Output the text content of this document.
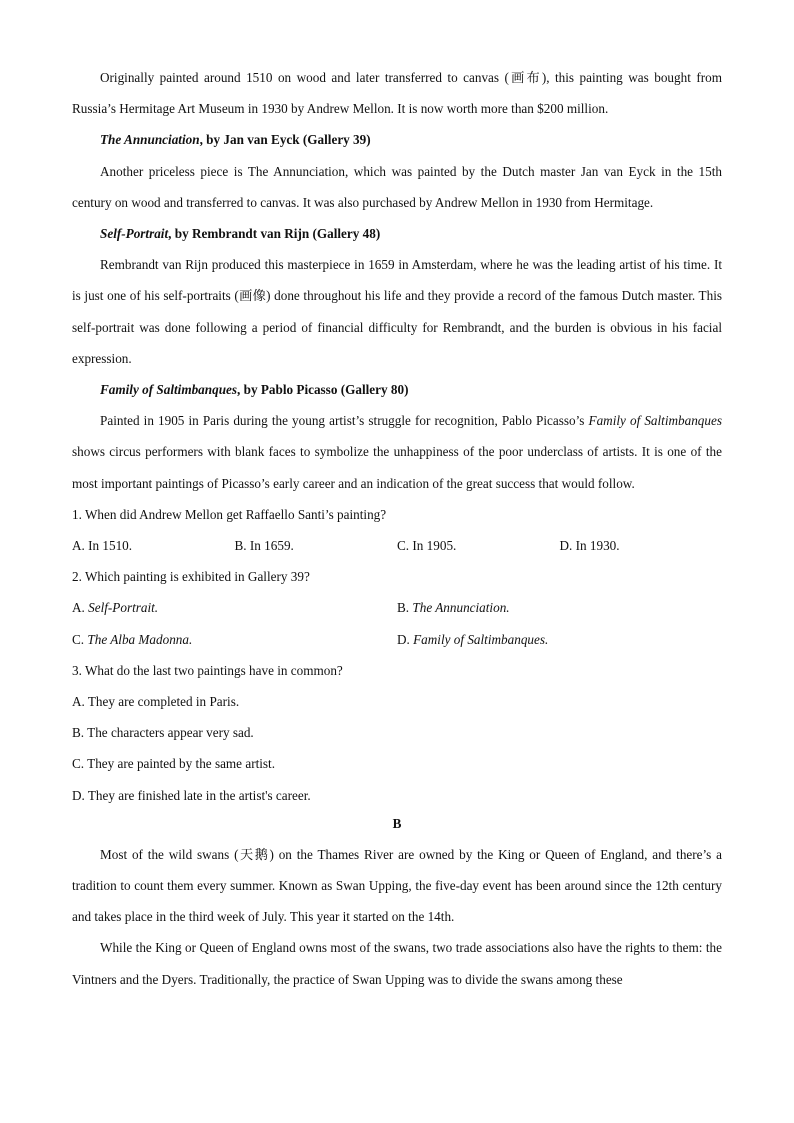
Originally painted around 1510 on wood and later transferred to canvas (画布), this painting was bought from Russia’s Hermitage Art Museum in 1930 by Andrew Mellon. It is now worth more than $200 million.

The Annunciation, by Jan van Eyck (Gallery 39)

Another priceless piece is The Annunciation, which was painted by the Dutch master Jan van Eyck in the 15th century on wood and transferred to canvas. It was also purchased by Andrew Mellon in 1930 from Hermitage.

Self-Portrait, by Rembrandt van Rijn (Gallery 48)

Rembrandt van Rijn produced this masterpiece in 1659 in Amsterdam, where he was the leading artist of his time. It is just one of his self-portraits (画像) done throughout his life and they provide a record of the famous Dutch master. This self-portrait was done following a period of financial difficulty for Rembrandt, and the burden is obvious in his facial expression.

Family of Saltimbanques, by Pablo Picasso (Gallery 80)

Painted in 1905 in Paris during the young artist’s struggle for recognition, Pablo Picasso’s Family of Saltimbanques shows circus performers with blank faces to symbolize the unhappiness of the poor underclass of artists. It is one of the most important paintings of Picasso’s early career and an indication of the great success that would follow.

1. When did Andrew Mellon get Raffaello Santi’s painting?

A. In 1510.	B. In 1659.	C. In 1905.	D. In 1930.

2. Which painting is exhibited in Gallery 39?

A. Self-Portrait.	B. The Annunciation.
C. The Alba Madonna.	D. Family of Saltimbanques.

3. What do the last two paintings have in common?

A. They are completed in Paris.

B. The characters appear very sad.

C. They are painted by the same artist.

D. They are finished late in the artist's career.

B

Most of the wild swans (天鹅) on the Thames River are owned by the King or Queen of England, and there’s a tradition to count them every summer. Known as Swan Upping, the five-day event has been around since the 12th century and takes place in the third week of July. This year it started on the 14th.

While the King or Queen of England owns most of the swans, two trade associations also have the rights to them: the Vintners and the Dyers. Traditionally, the practice of Swan Upping was to divide the swans among these
